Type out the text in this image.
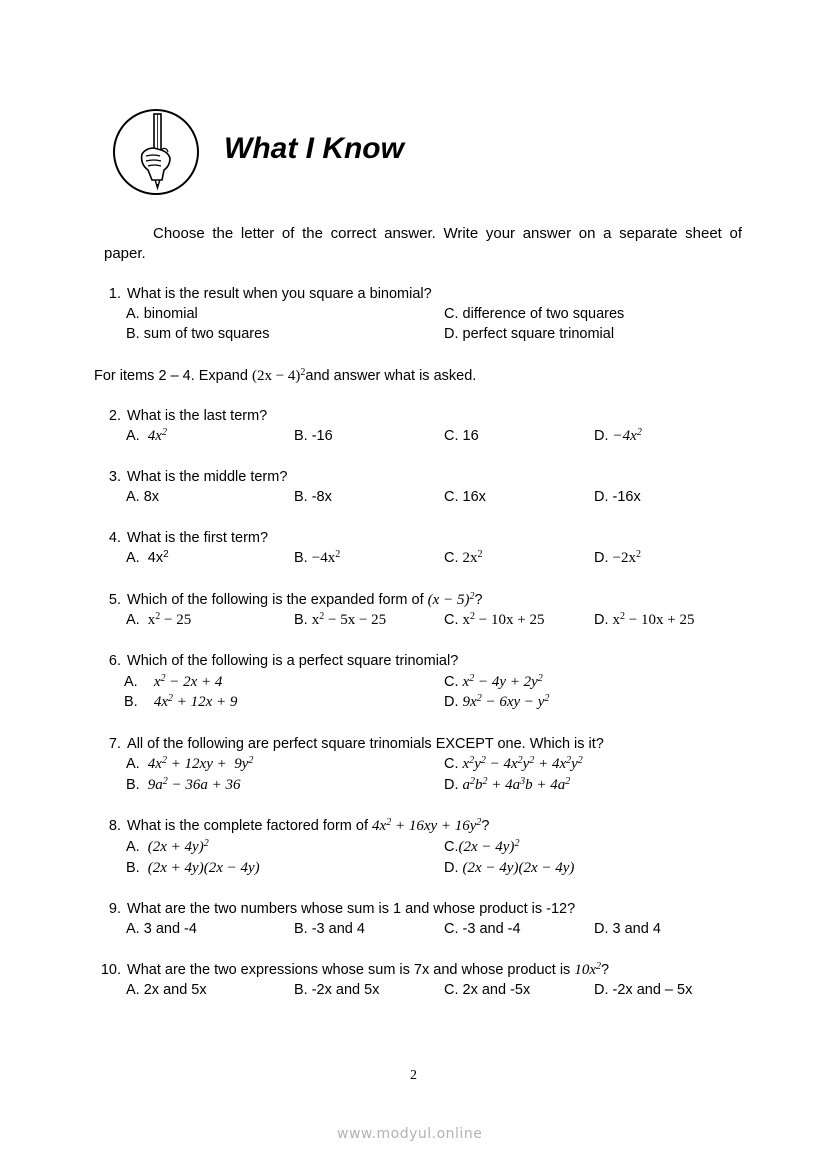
What I Know
Choose the letter of the correct answer. Write your answer on a separate sheet of
paper.
1. What is the result when you square a binomial?
A. binomial	C. difference of two squares
B. sum of two squares	D. perfect square trinomial
For items 2 – 4. Expand $(2x - 4)^2and$ answer what is asked.
2. What is the last term?
A. $4x^2$	B. -16	C. 16	D. $-4x^2$
3. What is the middle term?
A. 8x	B. -8x	C. 16x	D. -16x
4. What is the first term?
A.  $4x^2$	B. $-4x^2$	C. $2x^2$	D. $-2x^2$
5. Which of the following is the expanded form of $(x - 5)^2$?
A. $x^2 - 25$	B. $x^2 - 5x - 25$	C. $x^2 - 10x + 25$	D. $x^2 - 10x + 25$
6. Which of the following is a perfect square trinomial?
A. $x^2 - 2x + 4$	C. $x^2 - 4y + 2y^2$
B. $4x^2 + 12x + 9$	D. $9x^2 - 6xy - y^2$
7. All of the following are perfect square trinomials EXCEPT one. Which is it?
A. $4x^2 + 12xy + 9y^2$	C. $x^2y^2 - 4x^2y^2 + 4x^2y^2$
B. $9a^2 - 36a + 36$	D. $a^2b^2 + 4a^3b + 4a^2$
8. What is the complete factored form of $4x^2 + 16xy + 16y^2$?
A. $(2x + 4y)^2$	$C.(2x - 4y)^2$
B. (2x + 4y)(2x − 4y)	D. (2x − 4y)(2x − 4y)
9. What are the two numbers whose sum is 1 and whose product is -12?
A. 3 and -4	B. -3 and 4	C. -3 and -4	D. 3 and 4
10. What are the two expressions whose sum is 7x and whose product is $10x^2$?
A. 2x and 5x	B. -2x and 5x	C. 2x and -5x	D. -2x and – 5x
2
www.modyul.online
